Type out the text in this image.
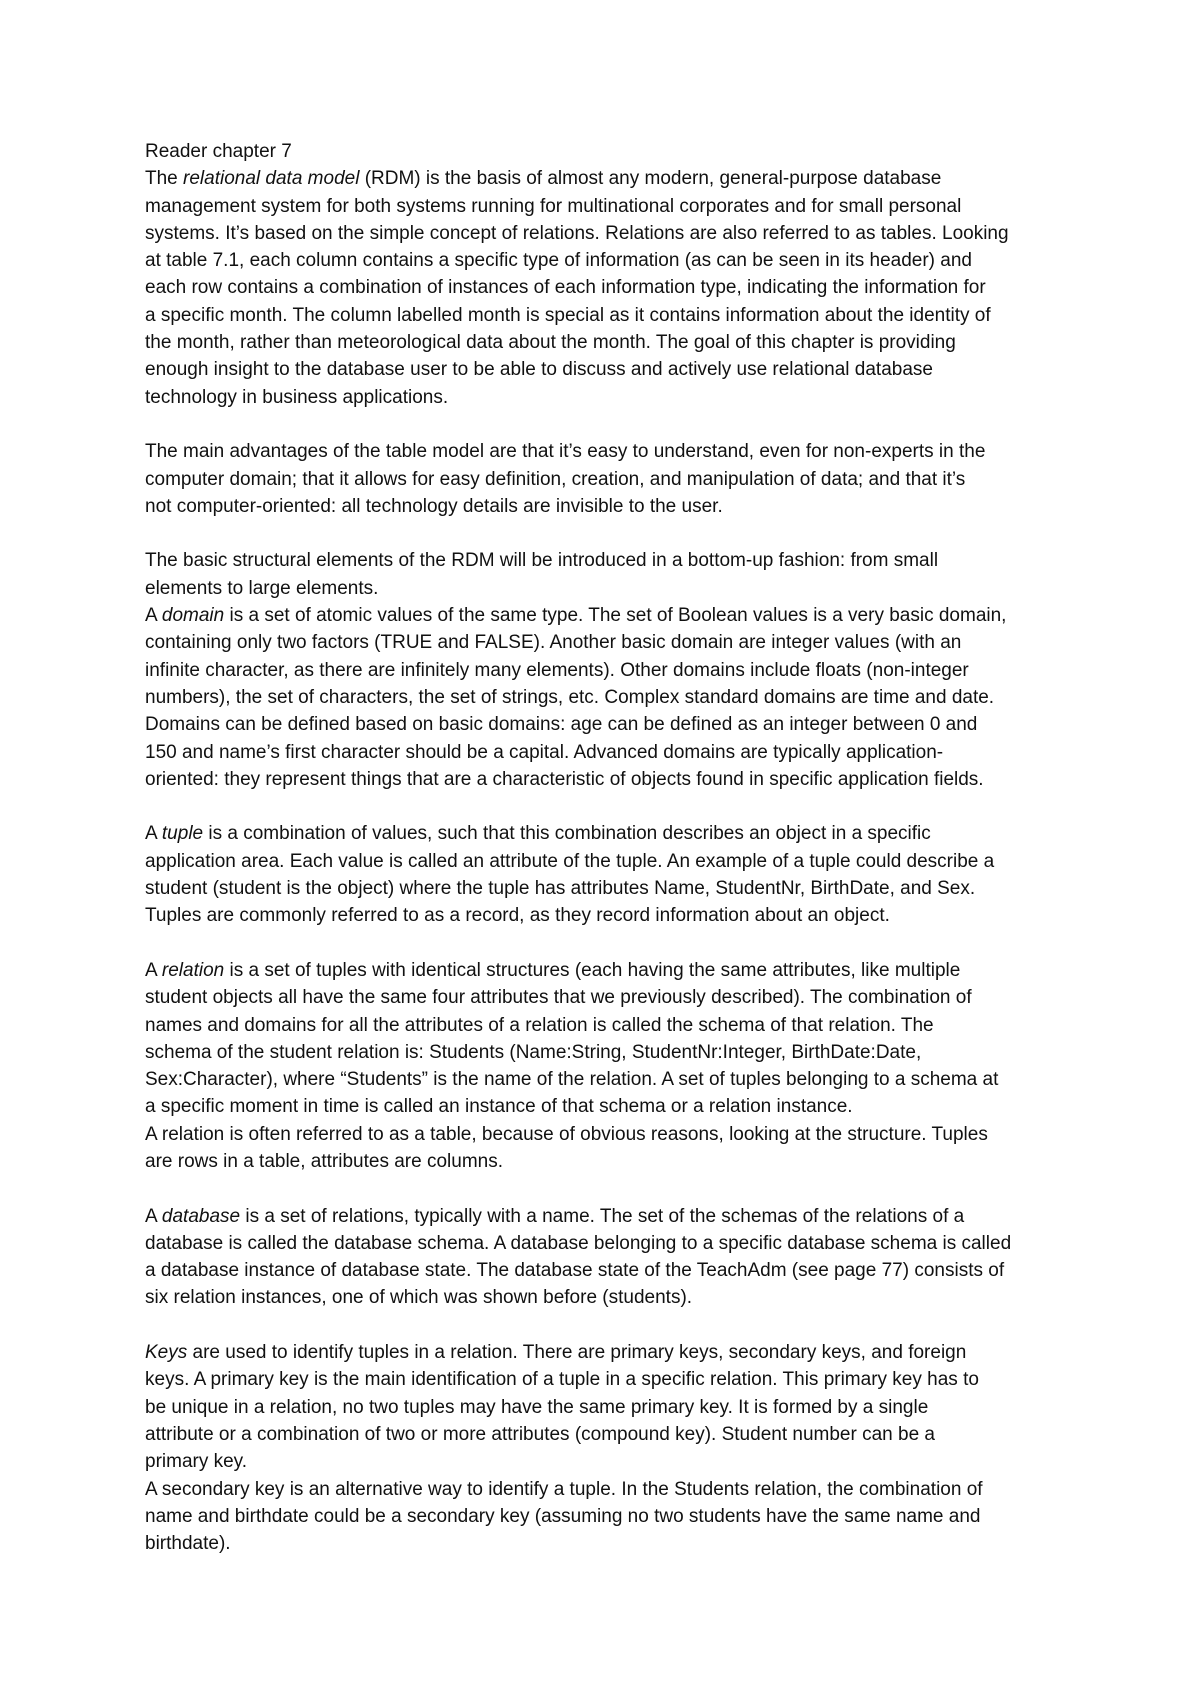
Reader chapter 7
The relational data model (RDM) is the basis of almost any modern, general-purpose database
management system for both systems running for multinational corporates and for small personal
systems. It’s based on the simple concept of relations. Relations are also referred to as tables. Looking
at table 7.1, each column contains a specific type of information (as can be seen in its header) and
each row contains a combination of instances of each information type, indicating the information for
a specific month. The column labelled month is special as it contains information about the identity of
the month, rather than meteorological data about the month. The goal of this chapter is providing
enough insight to the database user to be able to discuss and actively use relational database
technology in business applications.
The main advantages of the table model are that it’s easy to understand, even for non-experts in the
computer domain; that it allows for easy definition, creation, and manipulation of data; and that it’s
not computer-oriented: all technology details are invisible to the user.
The basic structural elements of the RDM will be introduced in a bottom-up fashion: from small
elements to large elements.
A domain is a set of atomic values of the same type. The set of Boolean values is a very basic domain,
containing only two factors (TRUE and FALSE). Another basic domain are integer values (with an
infinite character, as there are infinitely many elements). Other domains include floats (non-integer
numbers), the set of characters, the set of strings, etc. Complex standard domains are time and date.
Domains can be defined based on basic domains: age can be defined as an integer between 0 and
150 and name’s first character should be a capital. Advanced domains are typically application-
oriented: they represent things that are a characteristic of objects found in specific application fields.
A tuple is a combination of values, such that this combination describes an object in a specific
application area. Each value is called an attribute of the tuple. An example of a tuple could describe a
student (student is the object) where the tuple has attributes Name, StudentNr, BirthDate, and Sex.
Tuples are commonly referred to as a record, as they record information about an object.
A relation is a set of tuples with identical structures (each having the same attributes, like multiple
student objects all have the same four attributes that we previously described). The combination of
names and domains for all the attributes of a relation is called the schema of that relation. The
schema of the student relation is: Students (Name:String, StudentNr:Integer, BirthDate:Date,
Sex:Character), where “Students” is the name of the relation. A set of tuples belonging to a schema at
a specific moment in time is called an instance of that schema or a relation instance.
A relation is often referred to as a table, because of obvious reasons, looking at the structure. Tuples
are rows in a table, attributes are columns.
A database is a set of relations, typically with a name. The set of the schemas of the relations of a
database is called the database schema. A database belonging to a specific database schema is called
a database instance of database state. The database state of the TeachAdm (see page 77) consists of
six relation instances, one of which was shown before (students).
Keys are used to identify tuples in a relation. There are primary keys, secondary keys, and foreign
keys. A primary key is the main identification of a tuple in a specific relation. This primary key has to
be unique in a relation, no two tuples may have the same primary key. It is formed by a single
attribute or a combination of two or more attributes (compound key). Student number can be a
primary key.
A secondary key is an alternative way to identify a tuple. In the Students relation, the combination of
name and birthdate could be a secondary key (assuming no two students have the same name and
birthdate).
